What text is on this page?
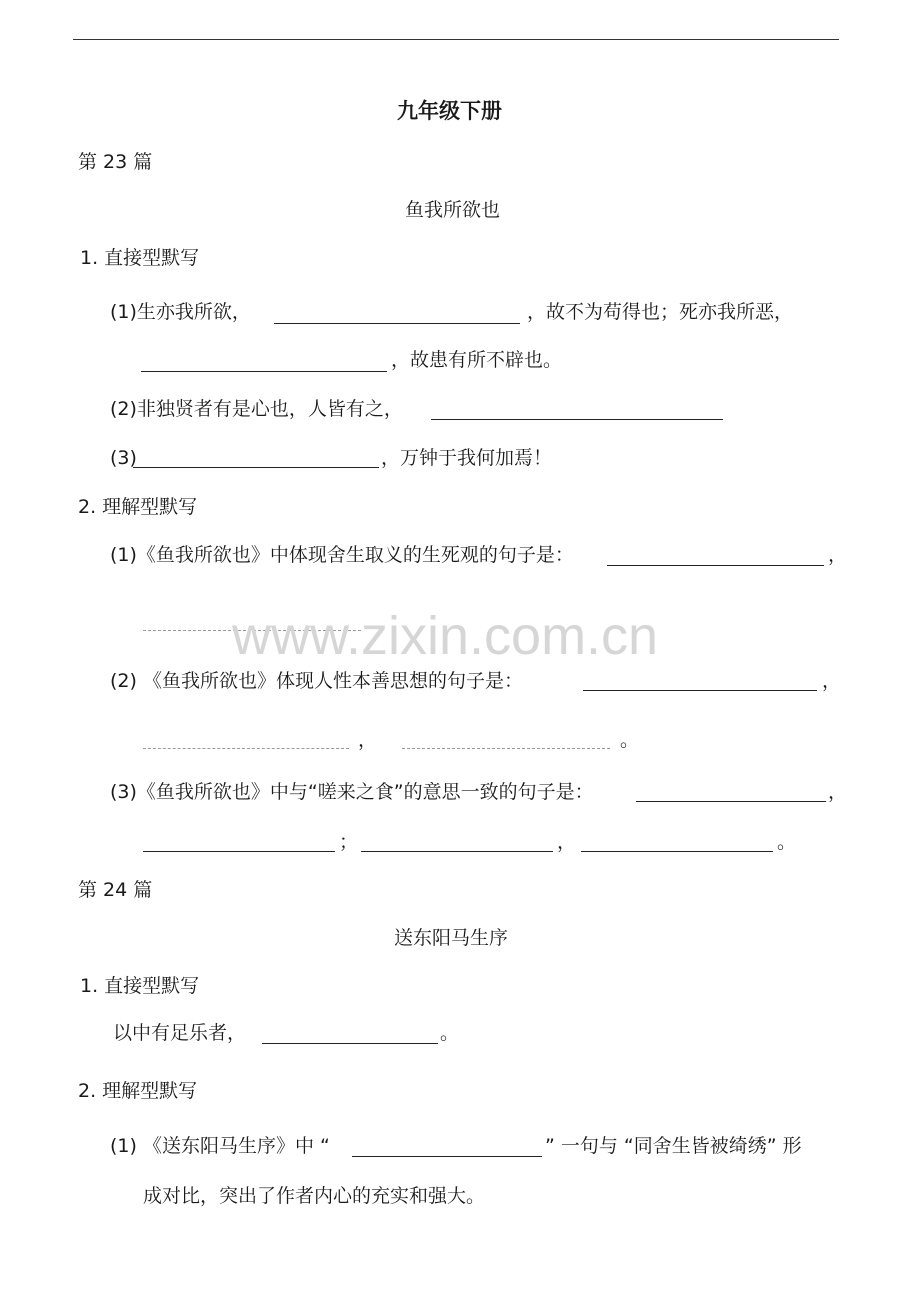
九年级下册
第 23 篇
鱼我所欲也
1. 直接型默写
(1)生亦我所欲，	，故不为苟得也；死亦我所恶，
，故患有所不辟也。
(2)非独贤者有是心也，人皆有之，
(3)	，万钟于我何加焉！
2. 理解型默写
(1)《鱼我所欲也》中体现舍生取义的生死观的句子是：	，
www.zixin.com.cn
(2) 《鱼我所欲也》体现人性本善思想的句子是：	，
，	。
(3)《鱼我所欲也》中与“嗟来之食”的意思一致的句子是：	，
；	，	。
第 24 篇
送东阳马生序
1. 直接型默写
以中有足乐者，	。
2. 理解型默写
(1) 《送东阳马生序》中 “	” 一句与 “同舍生皆被绮绣” 形
成对比，突出了作者内心的充实和强大。
